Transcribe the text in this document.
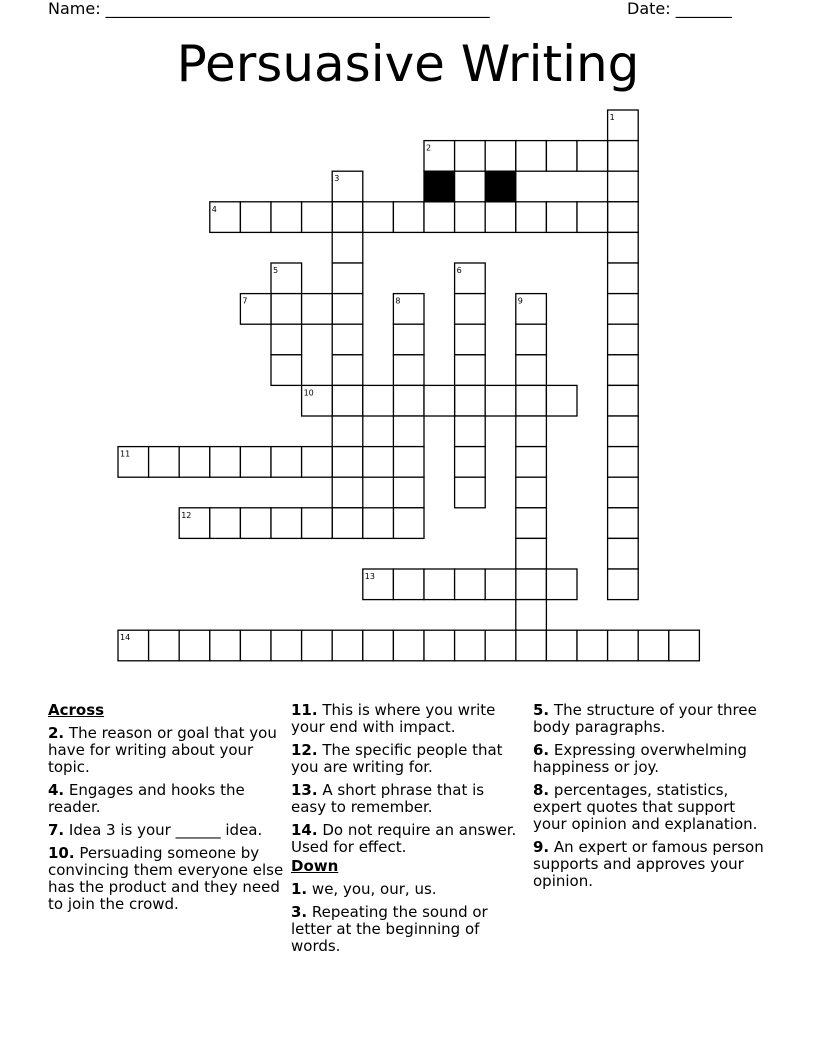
Name: ________________________________________________	Date: _______
Persuasive Writing
1
2
3
4
5	6
7	8	9
10
11
12
13
14
Across
2. The reason or goal that you have for writing about your topic.
4. Engages and hooks the reader.
7. Idea 3 is your ______ idea.
10. Persuading someone by convincing them everyone else has the product and they need to join the crowd.
11. This is where you write your end with impact.
12. The specific people that you are writing for.
13. A short phrase that is easy to remember.
14. Do not require an answer. Used for effect.
Down
1. we, you, our, us.
3. Repeating the sound or letter at the beginning of words.
5. The structure of your three body paragraphs.
6. Expressing overwhelming happiness or joy.
8. percentages, statistics, expert quotes that support your opinion and explanation.
9. An expert or famous person supports and approves your opinion.
